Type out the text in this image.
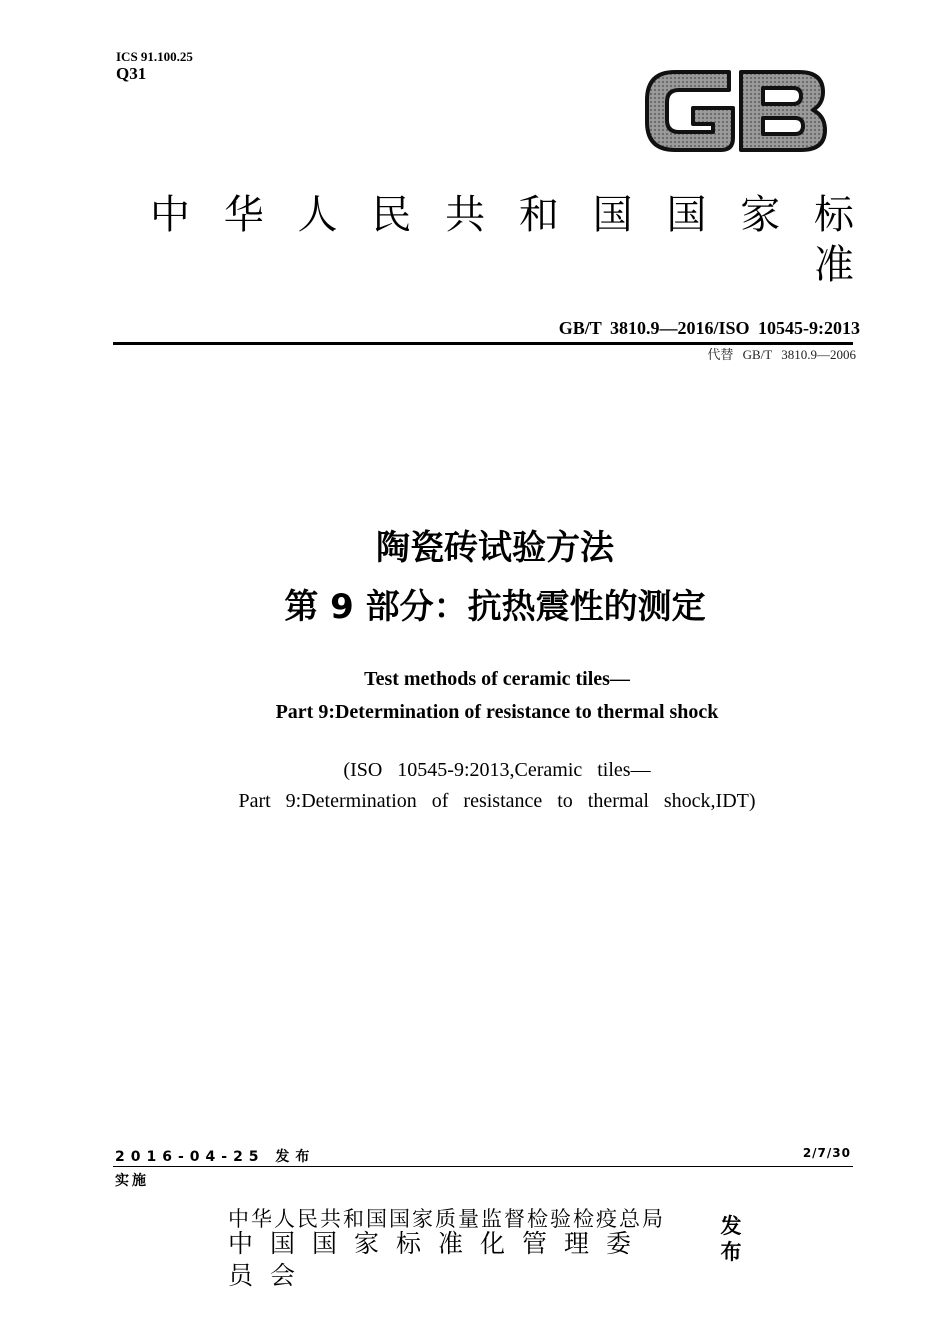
ICS 91.100.25
Q31
中华人民共和国国家标准
GB/T 3810.9—2016/ISO 10545-9:2013
代替 GB/T 3810.9—2006
陶瓷砖试验方法
第 9 部分：抗热震性的测定
Test methods of ceramic tiles—
Part 9:Determination of resistance to thermal shock
(ISO 10545-9:2013,Ceramic tiles—
Part 9:Determination of resistance to thermal shock,IDT)
2016-04-25 发布	2/7/30
实施
中华人民共和国国家质量监督检验检疫总局
中国国家标准化管理委员会
发布
